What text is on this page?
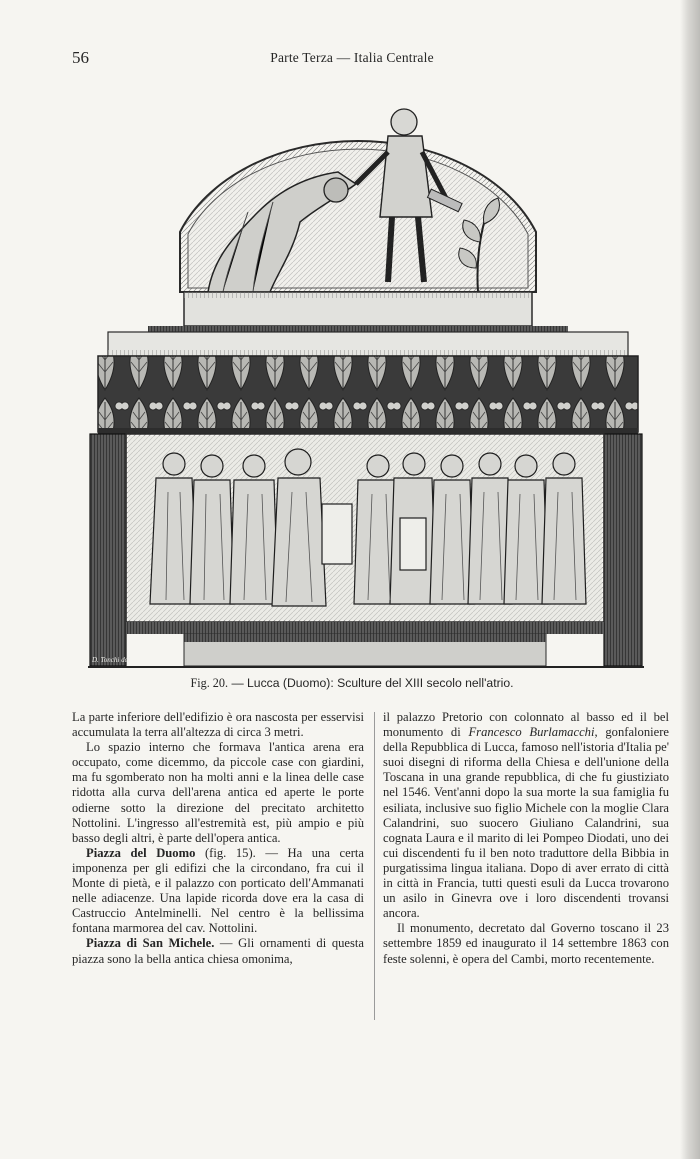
56	Parte Terza — Italia Centrale
D. Tonchi del
Fig. 20. — Lucca (Duomo): Sculture del XIII secolo nell'atrio.

La parte inferiore dell'edifizio è ora nascosta per esservisi accumulata la terra all'altezza di circa 3 metri.

Lo spazio interno che formava l'antica arena era occupato, come dicemmo, da piccole case con giardini, ma fu sgomberato non ha molti anni e la linea delle case ridotta alla curva dell'arena antica ed aperte le porte odierne sotto la direzione del precitato architetto Nottolini. L'ingresso all'estremità est, più ampio e più basso degli altri, è parte dell'opera antica.

Piazza del Duomo (fig. 15). — Ha una certa imponenza per gli edifizi che la circondano, fra cui il Monte di pietà, e il palazzo con porticato dell'Ammanati nelle adiacenze. Una lapide ricorda dove era la casa di Castruccio Antelminelli. Nel centro è la bellissima fontana marmorea del cav. Nottolini.

Piazza di San Michele. — Gli ornamenti di questa piazza sono la bella antica chiesa omonima,

il palazzo Pretorio con colonnato al basso ed il bel monumento di Francesco Burlamacchi, gonfaloniere della Repubblica di Lucca, famoso nell'istoria d'Italia pe' suoi disegni di riforma della Chiesa e dell'unione della Toscana in una grande repubblica, di che fu giustiziato nel 1546. Vent'anni dopo la sua morte la sua famiglia fu esiliata, inclusive suo figlio Michele con la moglie Clara Calandrini, suo suocero Giuliano Calandrini, sua cognata Laura e il marito di lei Pompeo Diodati, uno dei cui discendenti fu il ben noto traduttore della Bibbia in purgatissima lingua italiana. Dopo di aver errato di città in città in Francia, tutti questi esuli da Lucca trovarono un asilo in Ginevra ove i loro discendenti trovansi ancora.

Il monumento, decretato dal Governo toscano il 23 settembre 1859 ed inaugurato il 14 settembre 1863 con feste solenni, è opera del Cambi, morto recentemente.
